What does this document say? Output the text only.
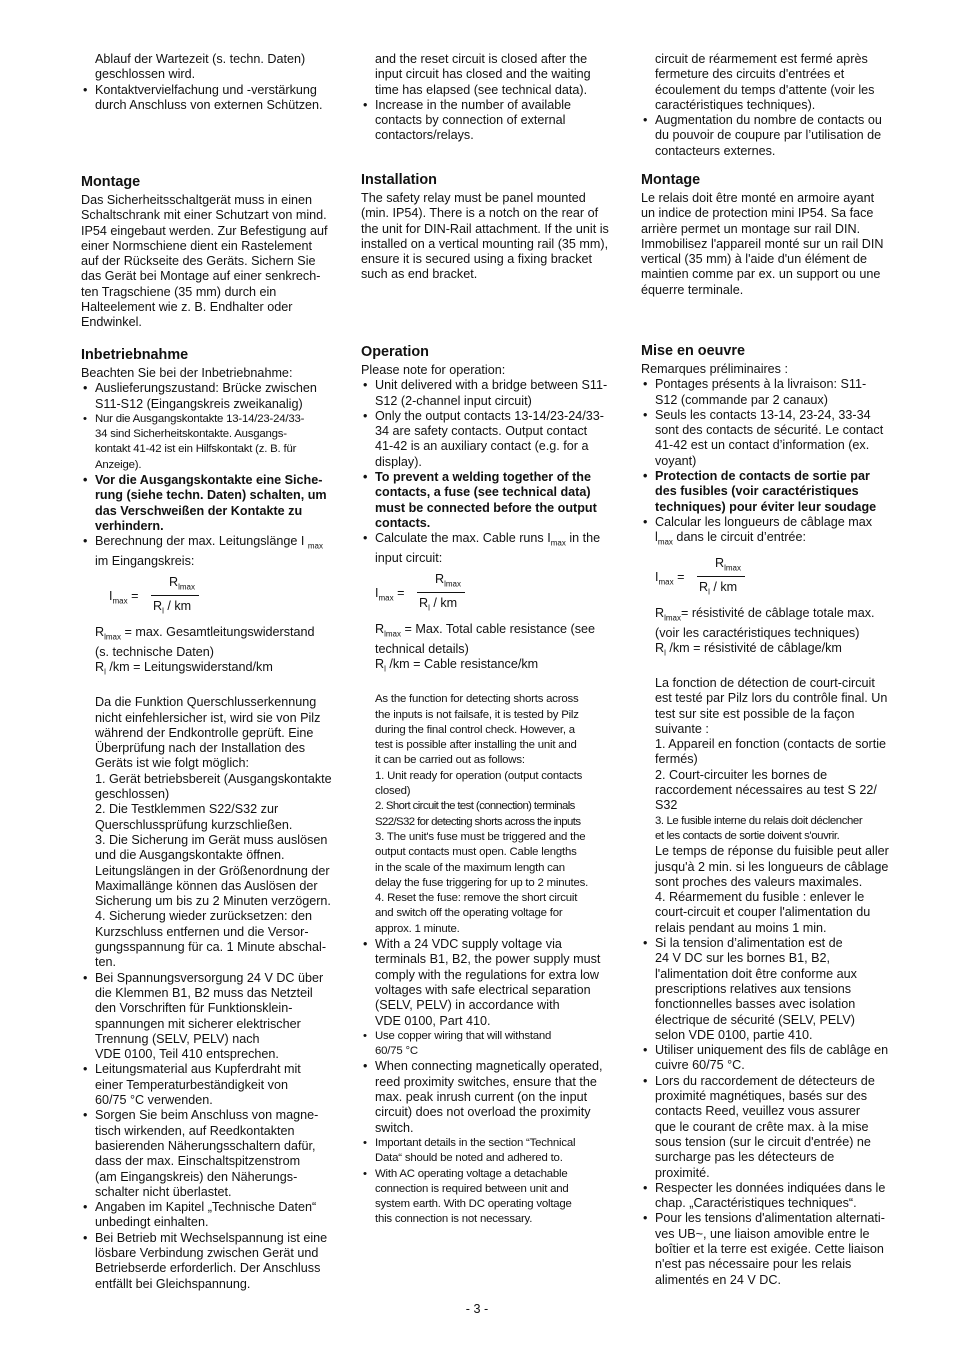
Ablauf der Wartezeit (s. techn. Daten)
geschlossen wird.

• Kontaktvervielfachung und -verstärkung
durch Anschluss von externen Schützen.
Montage

Das Sicherheitsschaltgerät muss in einen
Schaltschrank mit einer Schutzart von mind.
IP54 eingebaut werden. Zur Befestigung auf
einer Normschiene dient ein Rastelement
auf der Rückseite des Geräts. Sichern Sie
das Gerät bei Montage auf einer senkrech-
ten Tragschiene (35 mm) durch ein
Halteelement wie z. B. Endhalter oder
Endwinkel.

Inbetriebnahme

Beachten Sie bei der Inbetriebnahme:

• Auslieferungszustand: Brücke zwischen
S11-S12 (Eingangskreis zweikanalig)
• Nur die Ausgangskontakte 13-14/23-24/33-
34 sind Sicherheitskontakte. Ausgangs-
kontakt 41-42 ist ein Hilfskontakt (z. B. für
Anzeige).
• Vor die Ausgangskontakte eine Siche-
rung (siehe techn. Daten) schalten, um
das Verschweißen der Kontakte zu
verhindern.
• Berechnung der max. Leitungslänge I $_{max}$
im Eingangskreis:
$I_{max}$ =
$R_{lmax}$
$R_l$ / km
$R_{lmax} = \max$. Gesamtleitungswiderstand
(s. technische Daten)
$R_l$ /km = Leitungswiderstand/km
Da die Funktion Querschlusserkennung
nicht einfehlersicher ist, wird sie von Pilz
während der Endkontrolle geprüft. Eine
Überprüfung nach der Installation des
Geräts ist wie folgt möglich:
1. Gerät betriebsbereit (Ausgangskontakte
geschlossen)
2. Die Testklemmen S22/S32 zur
Querschlussprüfung kurzschließen.
3. Die Sicherung im Gerät muss auslösen
und die Ausgangskontakte öffnen.
Leitungslängen in der Größenordnung der
Maximallänge können das Auslösen der
Sicherung um bis zu 2 Minuten verzögern.
4. Sicherung wieder zurücksetzen: den
Kurzschluss entfernen und die Versor-
gungsspannung für ca. 1 Minute abschal-
ten.
• Bei Spannungsversorgung 24 V DC über
die Klemmen B1, B2 muss das Netzteil
den Vorschriften für Funktionsklein-
spannungen mit sicherer elektrischer
Trennung (SELV, PELV) nach
VDE 0100, Teil 410 entsprechen.
• Leitungsmaterial aus Kupferdraht mit
einer Temperaturbeständigkeit von
60/75 °C verwenden.
• Sorgen Sie beim Anschluss von magne-
tisch wirkenden, auf Reedkontakten
basierenden Näherungsschaltern dafür,
dass der max. Einschaltspitzenstrom
(am Eingangskreis) den Näherungs-
schalter nicht überlastet.
• Angaben im Kapitel „Technische Daten“
unbedingt einhalten.
• Bei Betrieb mit Wechselspannung ist eine
lösbare Verbindung zwischen Gerät und
Betriebserde erforderlich. Der Anschluss
entfällt bei Gleichspannung.

and the reset circuit is closed after the
input circuit has closed and the waiting
time has elapsed (see technical data).

• Increase in the number of available
contacts by connection of external
contactors/relays.
Installation

The safety relay must be panel mounted
(min. IP54). There is a notch on the rear of
the unit for DIN-Rail attachment. If the unit is
installed on a vertical mounting rail (35 mm),
ensure it is secured using a fixing bracket
such as end bracket.

Operation

Please note for operation:

• Unit delivered with a bridge between S11-
S12 (2-channel input circuit)
• Only the output contacts 13-14/23-24/33-
34 are safety contacts. Output contact
41-42 is an auxiliary contact (e.g. for a
display).
• To prevent a welding together of the
contacts, a fuse (see technical data)
must be connected before the output
contacts.
• Calculate the max. Cable runs $I_{max}$ in the
input circuit:
$I_{max}$ =
$R_{lmax}$
$R_l$ / km
$R_{lmax}$ = Max. Total cable resistance (see
technical details)
$R_l$ /km = Cable resistance/km
As the function for detecting shorts across
the inputs is not failsafe, it is tested by Pilz
during the final control check. However, a
test is possible after installing the unit and
it can be carried out as follows:
1. Unit ready for operation (output contacts
closed)
2. Short circuit the test (connection) terminals
S22/S32 for detecting shorts across the inputs
3. The unit's fuse must be triggered and the
output contacts must open. Cable lengths
in the scale of the maximum length can
delay the fuse triggering for up to 2 minutes.
4. Reset the fuse: remove the short circuit
and switch off the operating voltage for
approx. 1 minute.
• With a 24 VDC supply voltage via
terminals B1, B2, the power supply must
comply with the regulations for extra low
voltages with safe electrical separation
(SELV, PELV) in accordance with
VDE 0100, Part 410.
• Use copper wiring that will withstand
60/75 °C
• When connecting magnetically operated,
reed proximity switches, ensure that the
max. peak inrush current (on the input
circuit) does not overload the proximity
switch.
• Important details in the section “Technical
Data“ should be noted and adhered to.
• With AC operating voltage a detachable
connection is required between unit and
system earth. With DC operating voltage
this connection is not necessary.

circuit de réarmement est fermé après
fermeture des circuits d'entrées et
écoulement du temps d'attente (voir les
caractéristiques techniques).

• Augmentation du nombre de contacts ou
du pouvoir de coupure par l’utilisation de
contacteurs externes.
Montage

Le relais doit être monté en armoire ayant
un indice de protection mini IP54. Sa face
arrière permet un montage sur rail DIN.
Immobilisez l'appareil monté sur un rail DIN
vertical (35 mm) à l'aide d'un élément de
maintien comme par ex. un support ou une
équerre terminale.

Mise en oeuvre

Remarques préliminaires :

• Pontages présents à la livraison: S11-
S12 (commande par 2 canaux)
• Seuls les contacts 13-14, 23-24, 33-34
sont des contacts de sécurité. Le contact
41-42 est un contact d’information (ex.
voyant)
• Protection de contacts de sortie par
des fusibles (voir caractéristiques
techniques) pour éviter leur soudage
• Calcular les longueurs de câblage max
$l_{max}$ dans le circuit d’entrée:
$I_{max}$ =
$R_{lmax}$
$R_l$ / km
$R_{lmax}=$ résistivité de câblage totale max.
(voir les caractéristiques techniques)
$R_l$ /km = résistivité de câblage/km
La fonction de détection de court-circuit
est testé par Pilz lors du contrôle final. Un
test sur site est possible de la façon
suivante :
1. Appareil en fonction (contacts de sortie
fermés)
2. Court-circuiter les bornes de
raccordement nécessaires au test S 22/
S32
3. Le fusible interne du relais doit déclencher
et les contacts de sortie doivent s'ouvrir.
Le temps de réponse du fuisible peut aller
jusqu'à 2 min. si les longueurs de câblage
sont proches des valeurs maximales.
4. Réarmement du fusible : enlever le
court-circuit et couper l'alimentation du
relais pendant au moins 1 min.
• Si la tension d’alimentation est de
24 V DC sur les bornes B1, B2,
l'alimentation doit être conforme aux
prescriptions relatives aux tensions
fonctionnelles basses avec isolation
électrique de sécurité (SELV, PELV)
selon VDE 0100, partie 410.
• Utiliser uniquement des fils de cablâge en
cuivre 60/75 °C.
• Lors du raccordement de détecteurs de
proximité magnétiques, basés sur des
contacts Reed, veuillez vous assurer
que le courant de crête max. à la mise
sous tension (sur le circuit d'entrée) ne
surcharge pas les détecteurs de
proximité.
• Respecter les données indiquées dans le
chap. „Caractéristiques techniques“.
• Pour les tensions d'alimentation alternati-
ves UB~, une liaison amovible entre le
boîtier et la terre est exigée. Cette liaison
n'est pas nécessaire pour les relais
alimentés en 24 V DC.
- 3 -
